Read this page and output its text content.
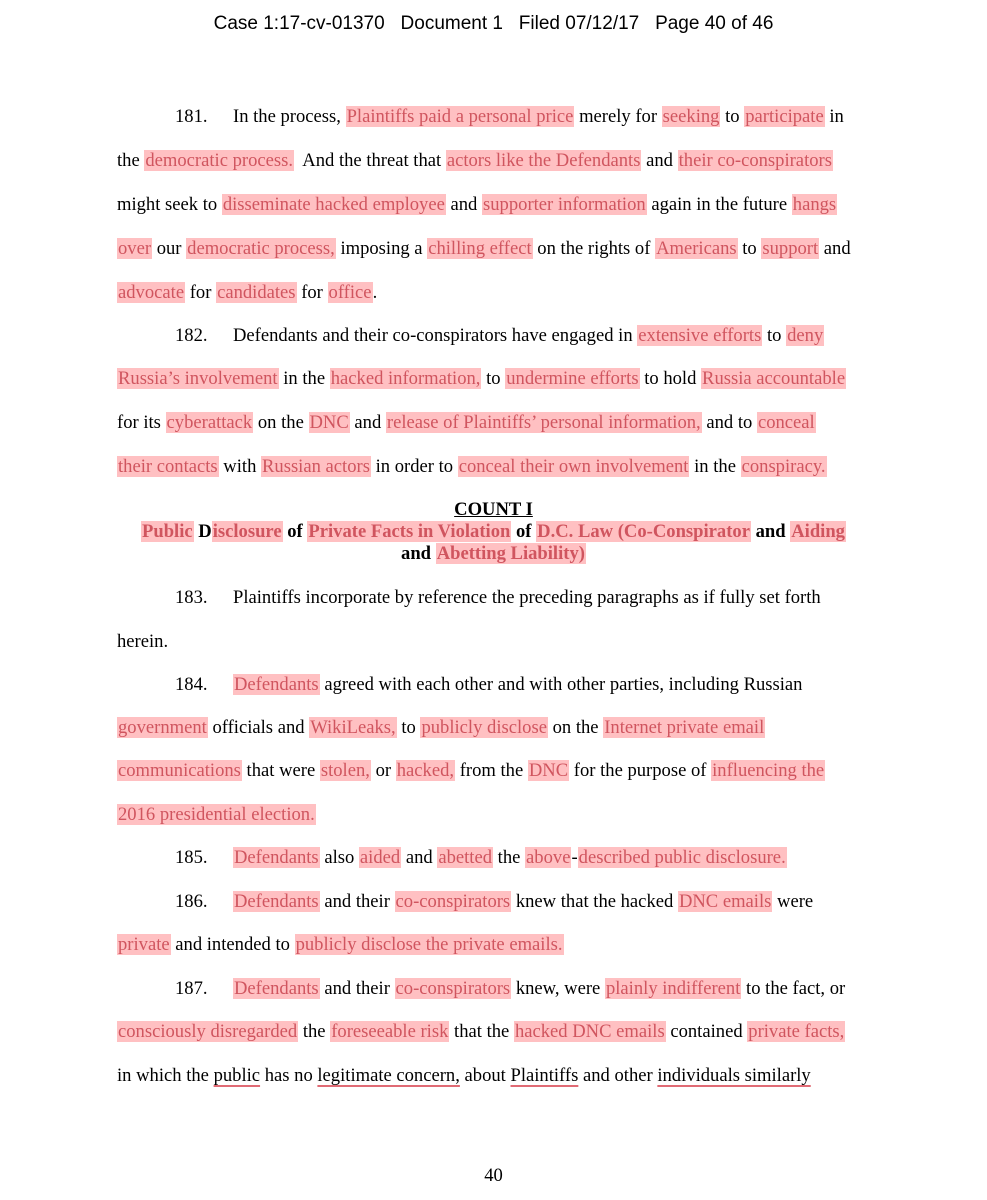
Case 1:17-cv-01370   Document 1   Filed 07/12/17   Page 40 of 46
181. In the process, Plaintiffs paid a personal price merely for seeking to participate in
the democratic process.  And the threat that actors like the Defendants and their co-conspirators
might seek to disseminate hacked employee and supporter information again in the future hangs
over our democratic process, imposing a chilling effect on the rights of Americans to support and
advocate for candidates for office.
182. Defendants and their co-conspirators have engaged in extensive efforts to deny
Russia’s involvement in the hacked information, to undermine efforts to hold Russia accountable
for its cyberattack on the DNC and release of Plaintiffs’ personal information, and to conceal
their contacts with Russian actors in order to conceal their own involvement in the conspiracy.
COUNT I
Public Disclosure of Private Facts in Violation of D.C. Law (Co-Conspirator and Aiding
and Abetting Liability)
183. Plaintiffs incorporate by reference the preceding paragraphs as if fully set forth
herein.
184. Defendants agreed with each other and with other parties, including Russian
government officials and WikiLeaks, to publicly disclose on the Internet private email
communications that were stolen, or hacked, from the DNC for the purpose of influencing the
2016 presidential election.
185. Defendants also aided and abetted the above-described public disclosure.
186. Defendants and their co-conspirators knew that the hacked DNC emails were
private and intended to publicly disclose the private emails.
187. Defendants and their co-conspirators knew, were plainly indifferent to the fact, or
consciously disregarded the foreseeable risk that the hacked DNC emails contained private facts,
in which the public has no legitimate concern, about Plaintiffs and other individuals similarly
40
